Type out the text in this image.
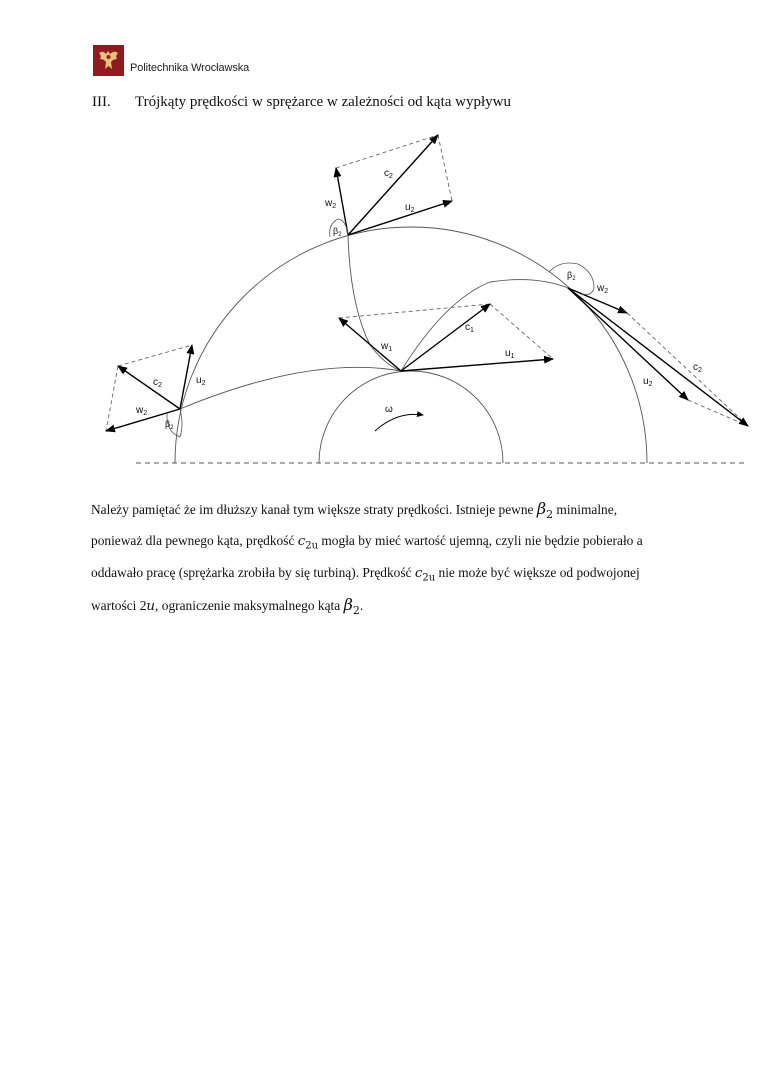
Politechnika Wrocławska
III. Trójkąty prędkości w sprężarce w zależności od kąta wypływu
ω
$w_2$
$c_2$
$u_2$
$\beta_2$
$w_1$
$c_1$
$u_1$
$c_2$	$u_2$
$w_2$
$\beta_2$
$\beta_2$
$w_2$
$u_2$
$c_2$
Należy pamiętać że im dłuższy kanał tym większe straty prędkości. Istnieje pewne $\beta_2$ minimalne,
ponieważ dla pewnego kąta, prędkość $c_{2u}$ mogła by mieć wartość ujemną, czyli nie będzie pobierało a
oddawało pracę (sprężarka zrobiła by się turbiną). Prędkość $c_{2u}$ nie może być większe od podwojonej
wartości 2u, ograniczenie maksymalnego kąta $\beta_2$.
